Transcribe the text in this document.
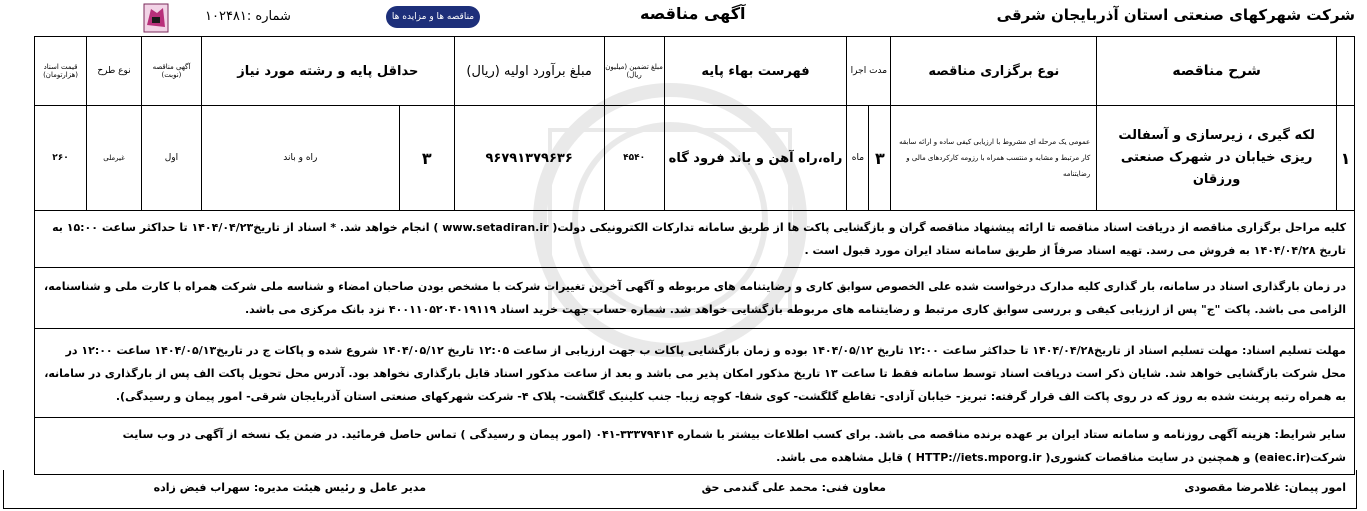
شرکت شهرکهای صنعتی استان آذربایجان شرقی
آگهی مناقصه
مناقصه ها و مزایده ها
شماره :۱۰۲۴۸۱
	شرح مناقصه	نوع برگزاری مناقصه	مدت اجرا		فهرست بهاء پایه	مبلغ تضمین (میلیون ریال)	مبلغ برآورد اولیه (ریال)	حداقل پایه و رشته مورد نیاز		آگهی مناقصه (نوبت)	نوع طرح	قیمت اسناد (هزارتومان)
۱	لکه گیری ، زیرسازی و آسفالت ریزی خیابان در شهرک صنعتی ورزقان	عمومی یک مرحله ای مشروط با ارزیابی کیفی ساده و ارائه سابقه کار مرتبط و مشابه و منتسب همراه با رزومه کارکردهای مالی و رضایتنامه	۳	ماه	راه،راه آهن و باند فرود گاه	۴۵۴۰	۹۶۷۹۱۳۷۹۶۳۶	۳	راه و باند	اول	غیرملی	۲۶۰
کلیه مراحل برگزاری مناقصه از دریافت اسناد مناقصه تا ارائه پیشنهاد مناقصه گران و بازگشایی پاکت ها از طریق سامانه تدارکات الکترونیکی دولت( www.setadiran.ir ) انجام خواهد شد. * اسناد از تاریخ۱۴۰۴/۰۴/۲۳ تا حداکثر ساعت ۱۵:۰۰ به تاریخ ۱۴۰۴/۰۴/۲۸ به فروش می رسد. تهیه اسناد صرفاً از طریق سامانه ستاد ایران مورد قبول است .												
در زمان بارگذاری اسناد در سامانه، بار گذاری کلیه مدارک درخواست شده علی الخصوص سوابق کاری و رضایتنامه های مربوطه و آگهی آخرین تغییرات شرکت با مشخص بودن صاحبان امضاء و شناسه ملی شرکت همراه با کارت ملی و شناسنامه، الزامی می باشد. پاکت "ج" پس از ارزیابی کیفی و بررسی سوابق کاری مرتبط و رضایتنامه های مربوطه بازگشایی خواهد شد. شماره حساب جهت خرید اسناد ۴۰۰۱۱۰۵۲۰۴۰۱۹۱۱۹ نزد بانک مرکزی می باشد.												
مهلت تسلیم اسناد: مهلت تسلیم اسناد از تاریخ۱۴۰۴/۰۴/۲۸ تا حداکثر ساعت ۱۲:۰۰ تاریخ ۱۴۰۴/۰۵/۱۲ بوده و زمان بازگشایی پاکات ب جهت ارزیابی از ساعت ۱۲:۰۵ تاریخ ۱۴۰۴/۰۵/۱۲ شروع شده و پاکات ج در تاریخ۱۴۰۴/۰۵/۱۳ ساعت ۱۲:۰۰ در محل شرکت بازگشایی خواهد شد. شایان ذکر است دریافت اسناد توسط سامانه فقط تا ساعت ۱۳ تاریخ مذکور امکان پذیر می باشد و بعد از ساعت مذکور اسناد قابل بارگذاری نخواهد بود. آدرس محل تحویل پاکت الف پس از بارگذاری در سامانه، به همراه رتبه پرینت شده به روز که در روی پاکت الف قرار گرفته: تبریز- خیابان آزادی- تقاطع گلگشت- کوی شفا- کوچه زیبا- جنب کلینیک گلگشت- پلاک ۴- شرکت شهرکهای صنعتی استان آذربایجان شرقی- امور پیمان و رسیدگی).												
سایر شرایط: هزینه آگهی روزنامه و سامانه ستاد ایران بر عهده برنده مناقصه می باشد. برای کسب اطلاعات بیشتر با شماره ۳۳۳۷۹۴۱۴-۰۴۱ (امور پیمان و رسیدگی ) تماس حاصل فرمائید. در ضمن یک نسخه از آگهی در وب سایت شرکت(eaiec.ir) و همچنین در سایت مناقصات کشوری( HTTP://iets.mporg.ir ) قابل مشاهده می باشد.												
امور پیمان: غلامرضا مقصودی
معاون فنی: محمد علی گندمی حق
مدیر عامل و رئیس هیئت مدیره: سهراب فیض زاده
